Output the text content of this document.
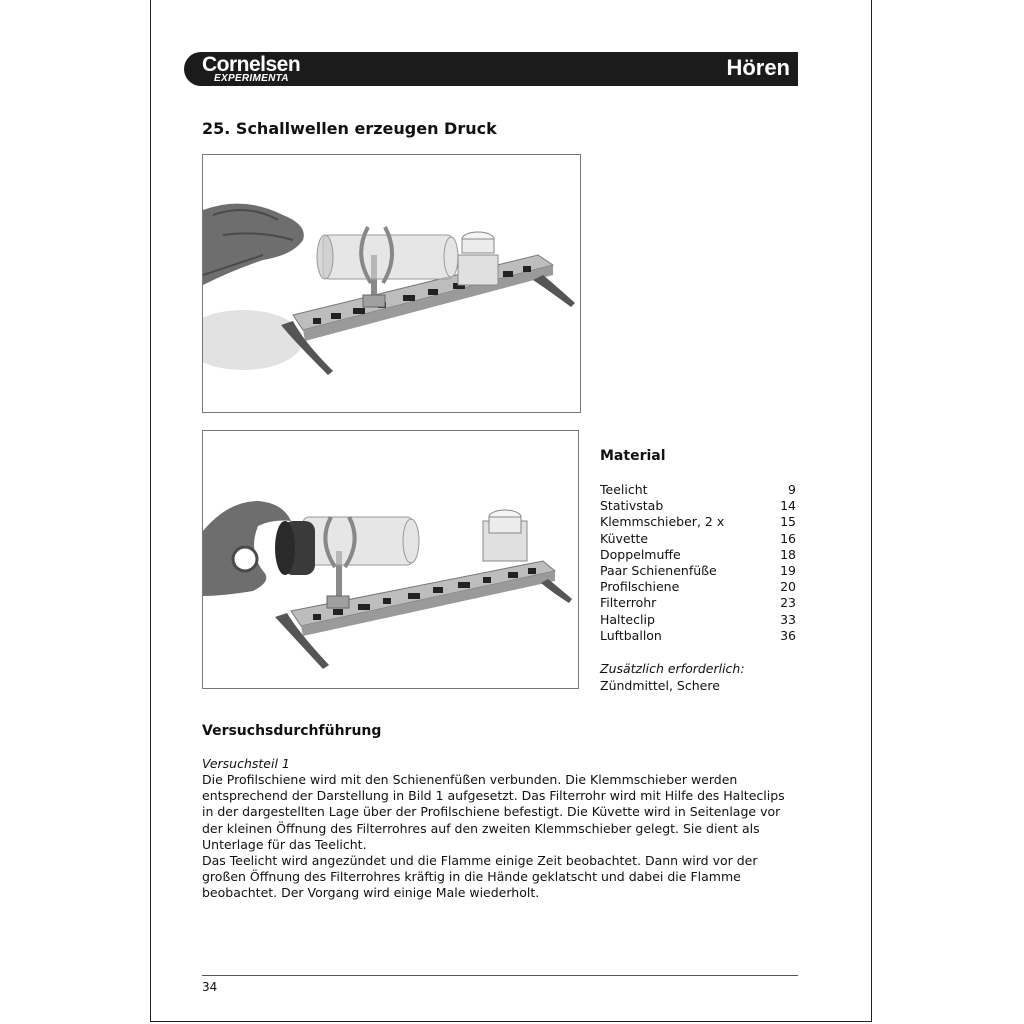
Cornelsen
EXPERIMENTA	Hören
25. Schallwellen erzeugen Druck
Material
Teelicht	9
Stativstab	14
Klemmschieber, 2 x	15
Küvette	16
Doppelmuffe	18
Paar Schienenfüße	19
Profilschiene	20
Filterrohr	23
Halteclip	33
Luftballon	36
Zusätzlich erforderlich:
Zündmittel, Schere
Versuchsdurchführung
Versuchsteil 1

Die Profilschiene wird mit den Schienenfüßen verbunden. Die Klemmschieber werden entsprechend der Darstellung in Bild 1 aufgesetzt. Das Filterrohr wird mit Hilfe des Halteclips in der dargestellten Lage über der Profilschiene befestigt. Die Küvette wird in Seitenlage vor der kleinen Öffnung des Filterrohres auf den zweiten Klemmschieber gelegt. Sie dient als Unterlage für das Teelicht.

Das Teelicht wird angezündet und die Flamme einige Zeit beobachtet. Dann wird vor der großen Öffnung des Filterrohres kräftig in die Hände geklatscht und dabei die Flamme beobachtet. Der Vorgang wird einige Male wiederholt.

34
